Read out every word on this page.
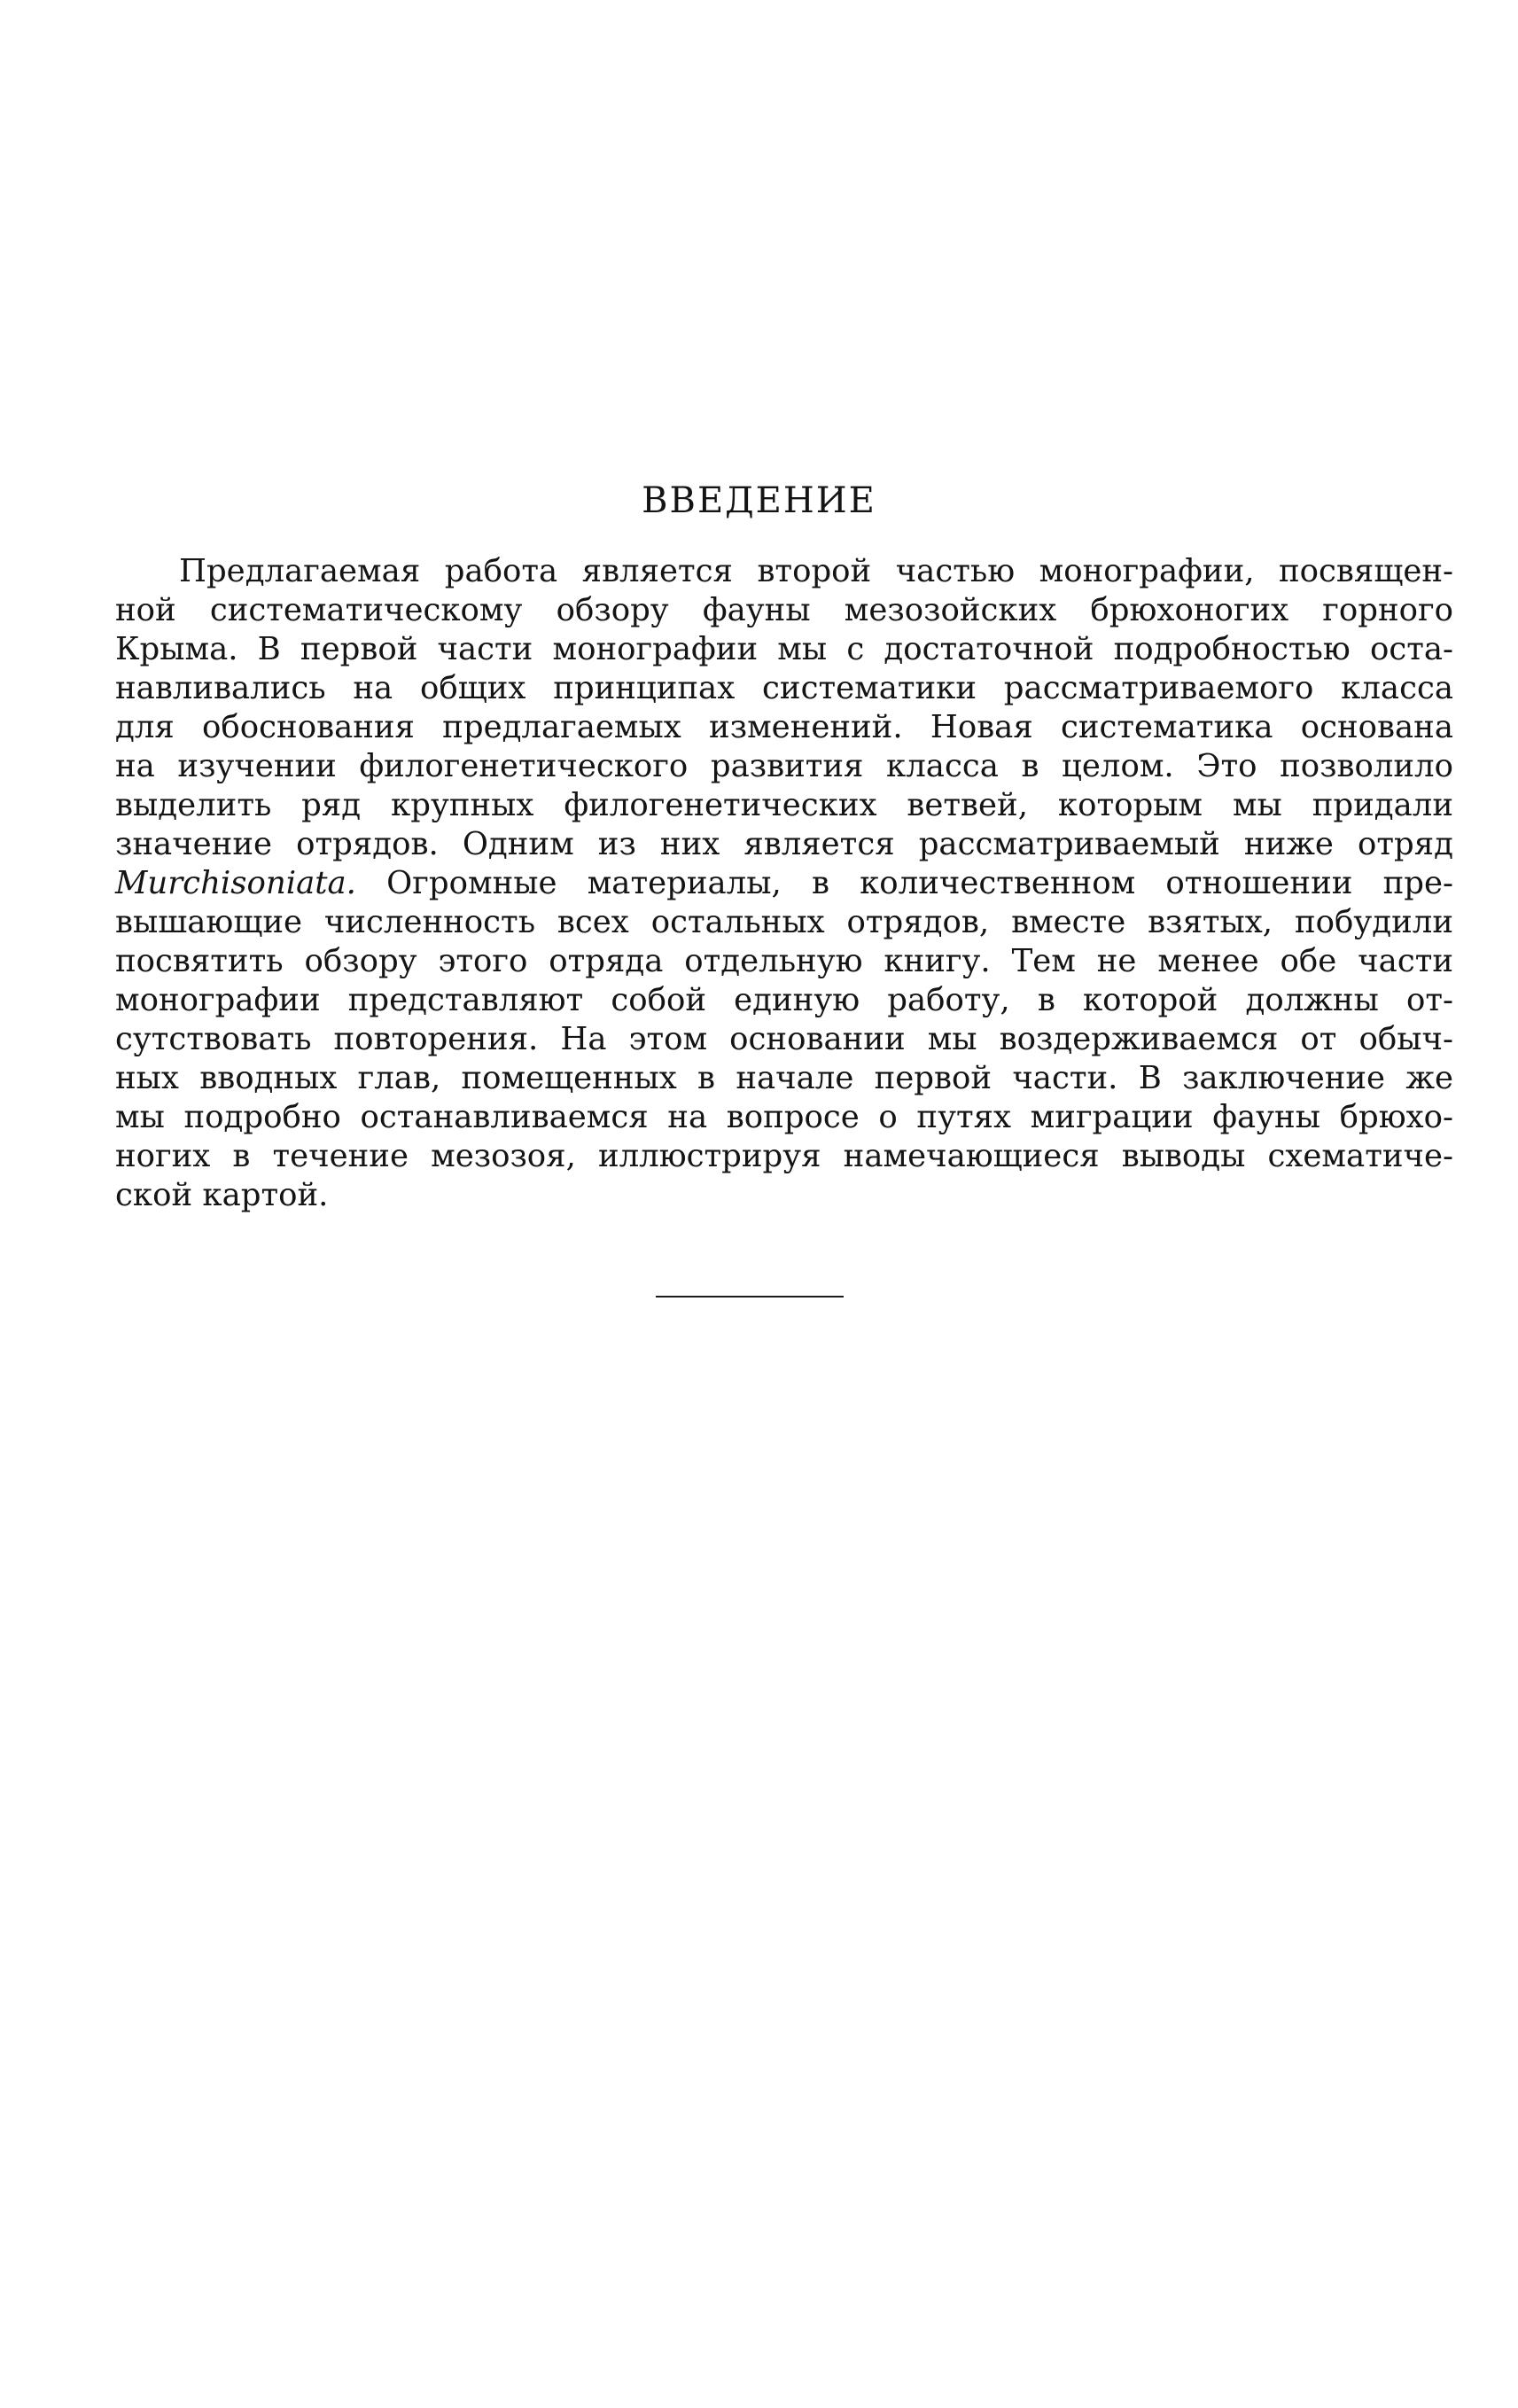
ВВЕДЕНИЕ
Предлагаемая работа является второй частью монографии, посвящен-
ной систематическому обзору фауны мезозойских брюхоногих горного
Крыма. В первой части монографии мы с достаточной подробностью оста-
навливались на общих принципах систематики рассматриваемого класса
для обоснования предлагаемых изменений. Новая систематика основана
на изучении филогенетического развития класса в целом. Это позволило
выделить ряд крупных филогенетических ветвей, которым мы придали
значение отрядов. Одним из них является рассматриваемый ниже отряд
Murchisoniata. Огромные материалы, в количественном отношении пре-
вышающие численность всех остальных отрядов, вместе взятых, побудили
посвятить обзору этого отряда отдельную книгу. Тем не менее обе части
монографии представляют собой единую работу, в которой должны от-
сутствовать повторения. На этом основании мы воздерживаемся от обыч-
ных вводных глав, помещенных в начале первой части. В заключение же
мы подробно останавливаемся на вопросе о путях миграции фауны брюхо-
ногих в течение мезозоя, иллюстрируя намечающиеся выводы схематиче-
ской картой.
